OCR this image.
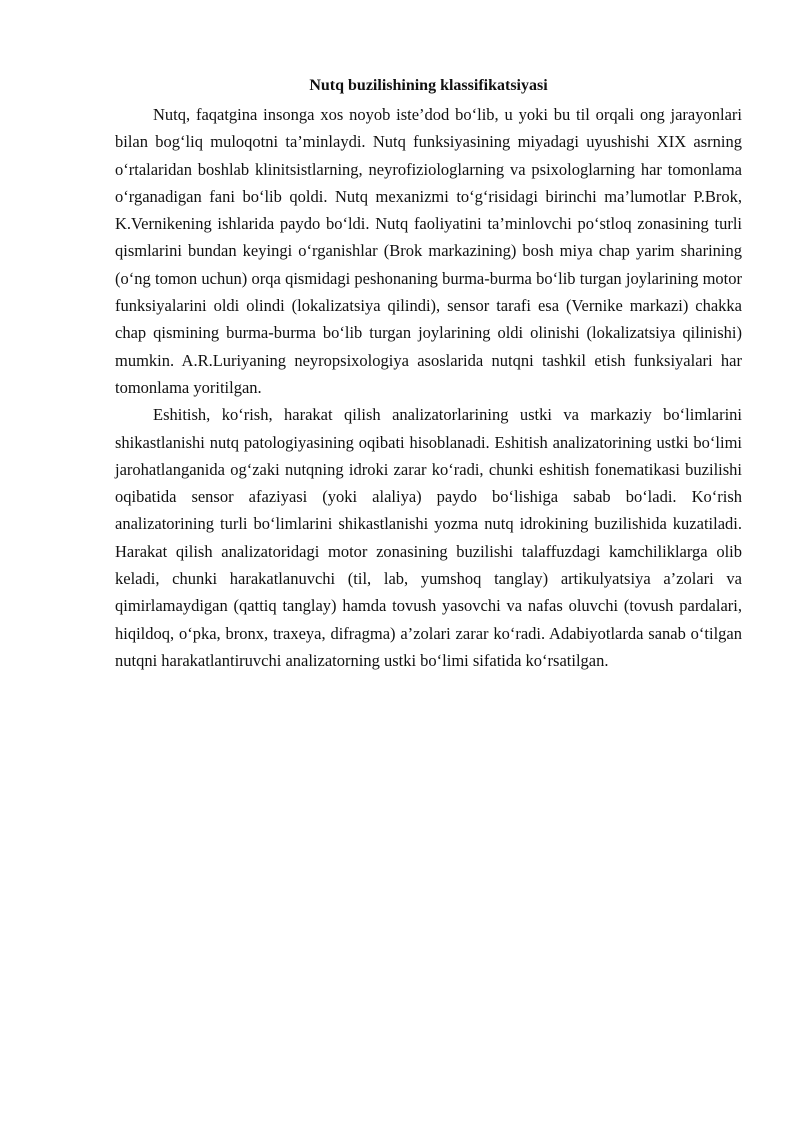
Nutq buzilishining klassifikatsiyasi

Nutq, faqatgina insonga xos noyob iste’dod bo‘lib, u yoki bu til orqali ong jarayonlari bilan bog‘liq muloqotni ta’minlaydi. Nutq funksiyasining miyadagi uyushishi XIX asrning o‘rtalaridan boshlab klinitsistlarning, neyrofiziologlarning va psixologlarning har tomonlama o‘rganadigan fani bo‘lib qoldi. Nutq mexanizmi to‘g‘risidagi birinchi ma’lumotlar P.Brok, K.Vernikening ishlarida paydo bo‘ldi. Nutq faoliyatini ta’minlovchi po‘stloq zonasining turli qismlarini bundan keyingi o‘rganishlar (Brok markazining) bosh miya chap yarim sharining (o‘ng tomon uchun) orqa qismidagi peshonaning burma-burma bo‘lib turgan joylarining motor funksiyalarini oldi olindi (lokalizatsiya qilindi), sensor tarafi esa (Vernike markazi) chakka chap qismining burma-burma bo‘lib turgan joylarining oldi olinishi (lokalizatsiya qilinishi) mumkin. A.R.Luriyaning neyropsixologiya asoslarida nutqni tashkil etish funksiyalari har tomonlama yoritilgan.

Eshitish, ko‘rish, harakat qilish analizatorlarining ustki va markaziy bo‘limlarini shikastlanishi nutq patologiyasining oqibati hisoblanadi. Eshitish analizatorining ustki bo‘limi jarohatlanganida og‘zaki nutqning idroki zarar ko‘radi, chunki eshitish fonematikasi buzilishi oqibatida sensor afaziyasi (yoki alaliya) paydo bo‘lishiga sabab bo‘ladi. Ko‘rish analizatorining turli bo‘limlarini shikastlanishi yozma nutq idrokining buzilishida kuzatiladi. Harakat qilish analizatoridagi motor zonasining buzilishi talaffuzdagi kamchiliklarga olib keladi, chunki harakatlanuvchi (til, lab, yumshoq tanglay) artikulyatsiya a’zolari va qimirlamaydigan (qattiq tanglay) hamda tovush yasovchi va nafas oluvchi (tovush pardalari, hiqildoq, o‘pka, bronx, traxeya, difragma) a’zolari zarar ko‘radi. Adabiyotlarda sanab o‘tilgan nutqni harakatlantiruvchi analizatorning ustki bo‘limi sifatida ko‘rsatilgan.
